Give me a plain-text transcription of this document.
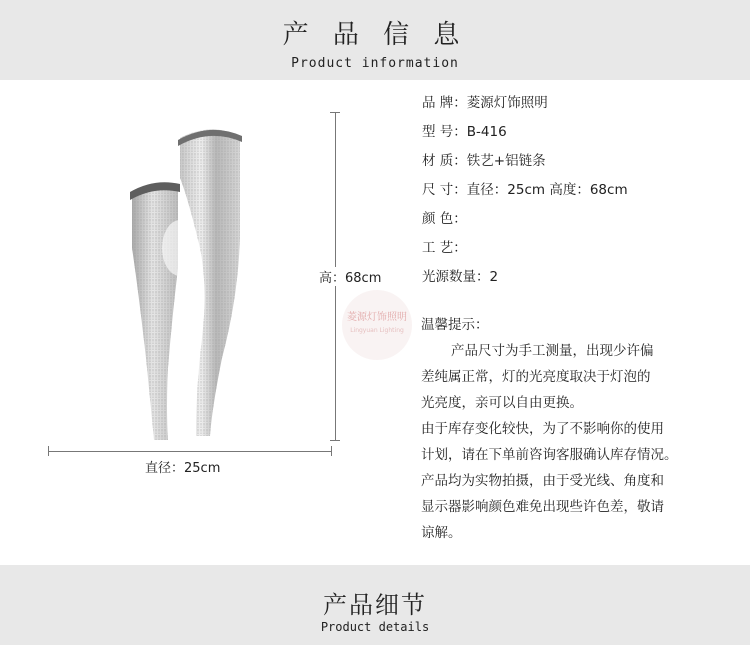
产 品 信 息
Product information
高：68cm
直径：25cm
菱源灯饰照明
Lingyuan Lighting
品 牌：菱源灯饰照明
型 号：B-416
材 质：铁艺+铝链条
尺 寸：直径：25cm 高度：68cm
颜 色：
工 艺：
光源数量：2
温馨提示：
产品尺寸为手工测量，出现少许偏
差纯属正常，灯的光亮度取决于灯泡的
光亮度，亲可以自由更换。
由于库存变化较快，为了不影响你的使用
计划，请在下单前咨询客服确认库存情况。
产品均为实物拍摄，由于受光线、角度和
显示器影响颜色难免出现些许色差，敬请
谅解。
产品细节
Product details
